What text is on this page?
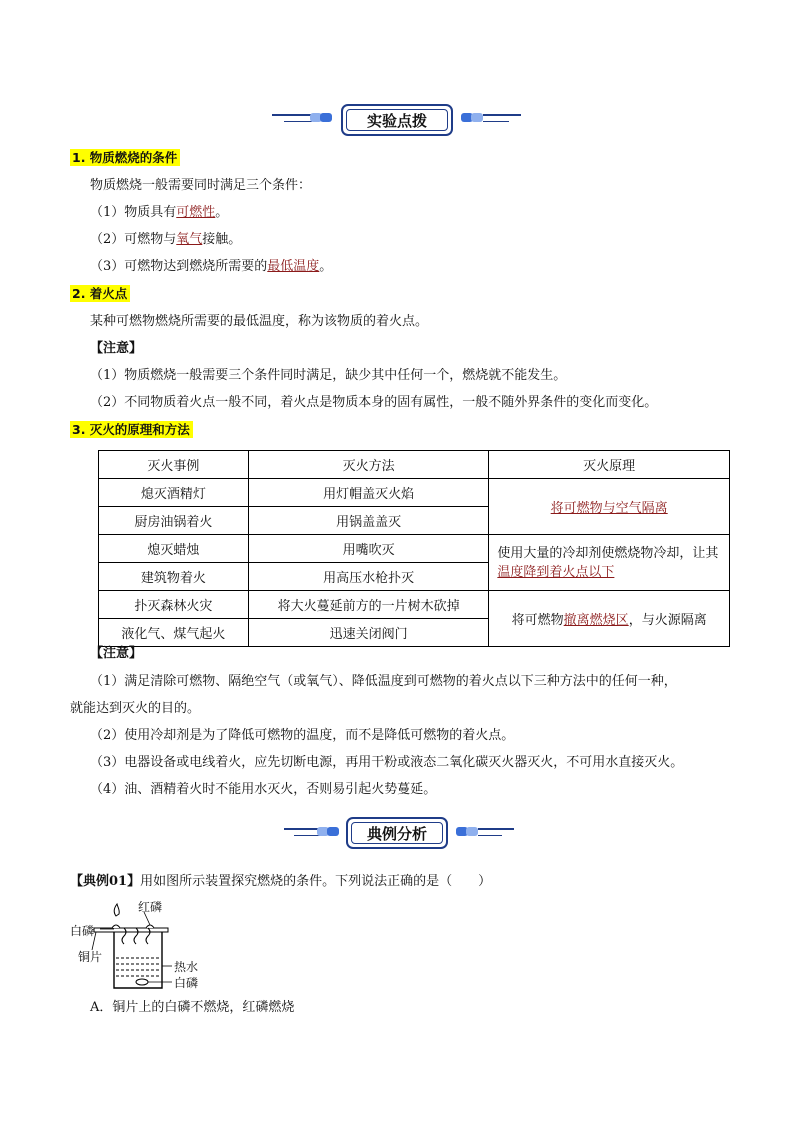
实验点拨
1. 物质燃烧的条件
物质燃烧一般需要同时满足三个条件：
（1）物质具有可燃性。
（2）可燃物与氧气接触。
（3）可燃物达到燃烧所需要的最低温度。
2. 着火点
某种可燃物燃烧所需要的最低温度，称为该物质的着火点。
【注意】
（1）物质燃烧一般需要三个条件同时满足，缺少其中任何一个，燃烧就不能发生。
（2）不同物质着火点一般不同，着火点是物质本身的固有属性，一般不随外界条件的变化而变化。
3. 灭火的原理和方法
灭火事例	灭火方法	灭火原理
熄灭酒精灯	用灯帽盖灭火焰	将可燃物与空气隔离
厨房油锅着火	用锅盖盖灭	
熄灭蜡烛	用嘴吹灭	使用大量的冷却剂使燃烧物冷却，让其温度降到着火点以下
建筑物着火	用高压水枪扑灭	
扑灭森林火灾	将大火蔓延前方的一片树木砍掉	将可燃物撤离燃烧区，与火源隔离
液化气、煤气起火	迅速关闭阀门	
【注意】
（1）满足清除可燃物、隔绝空气（或氧气）、降低温度到可燃物的着火点以下三种方法中的任何一种，
就能达到灭火的目的。
（2）使用冷却剂是为了降低可燃物的温度，而不是降低可燃物的着火点。
（3）电器设备或电线着火，应先切断电源，再用干粉或液态二氧化碳灭火器灭火，不可用水直接灭火。
（4）油、酒精着火时不能用水灭火，否则易引起火势蔓延。
典例分析
【典例01】用如图所示装置探究燃烧的条件。下列说法正确的是（　　）
红磷
白磷
铜片
热水
白磷
A．铜片上的白磷不燃烧，红磷燃烧
